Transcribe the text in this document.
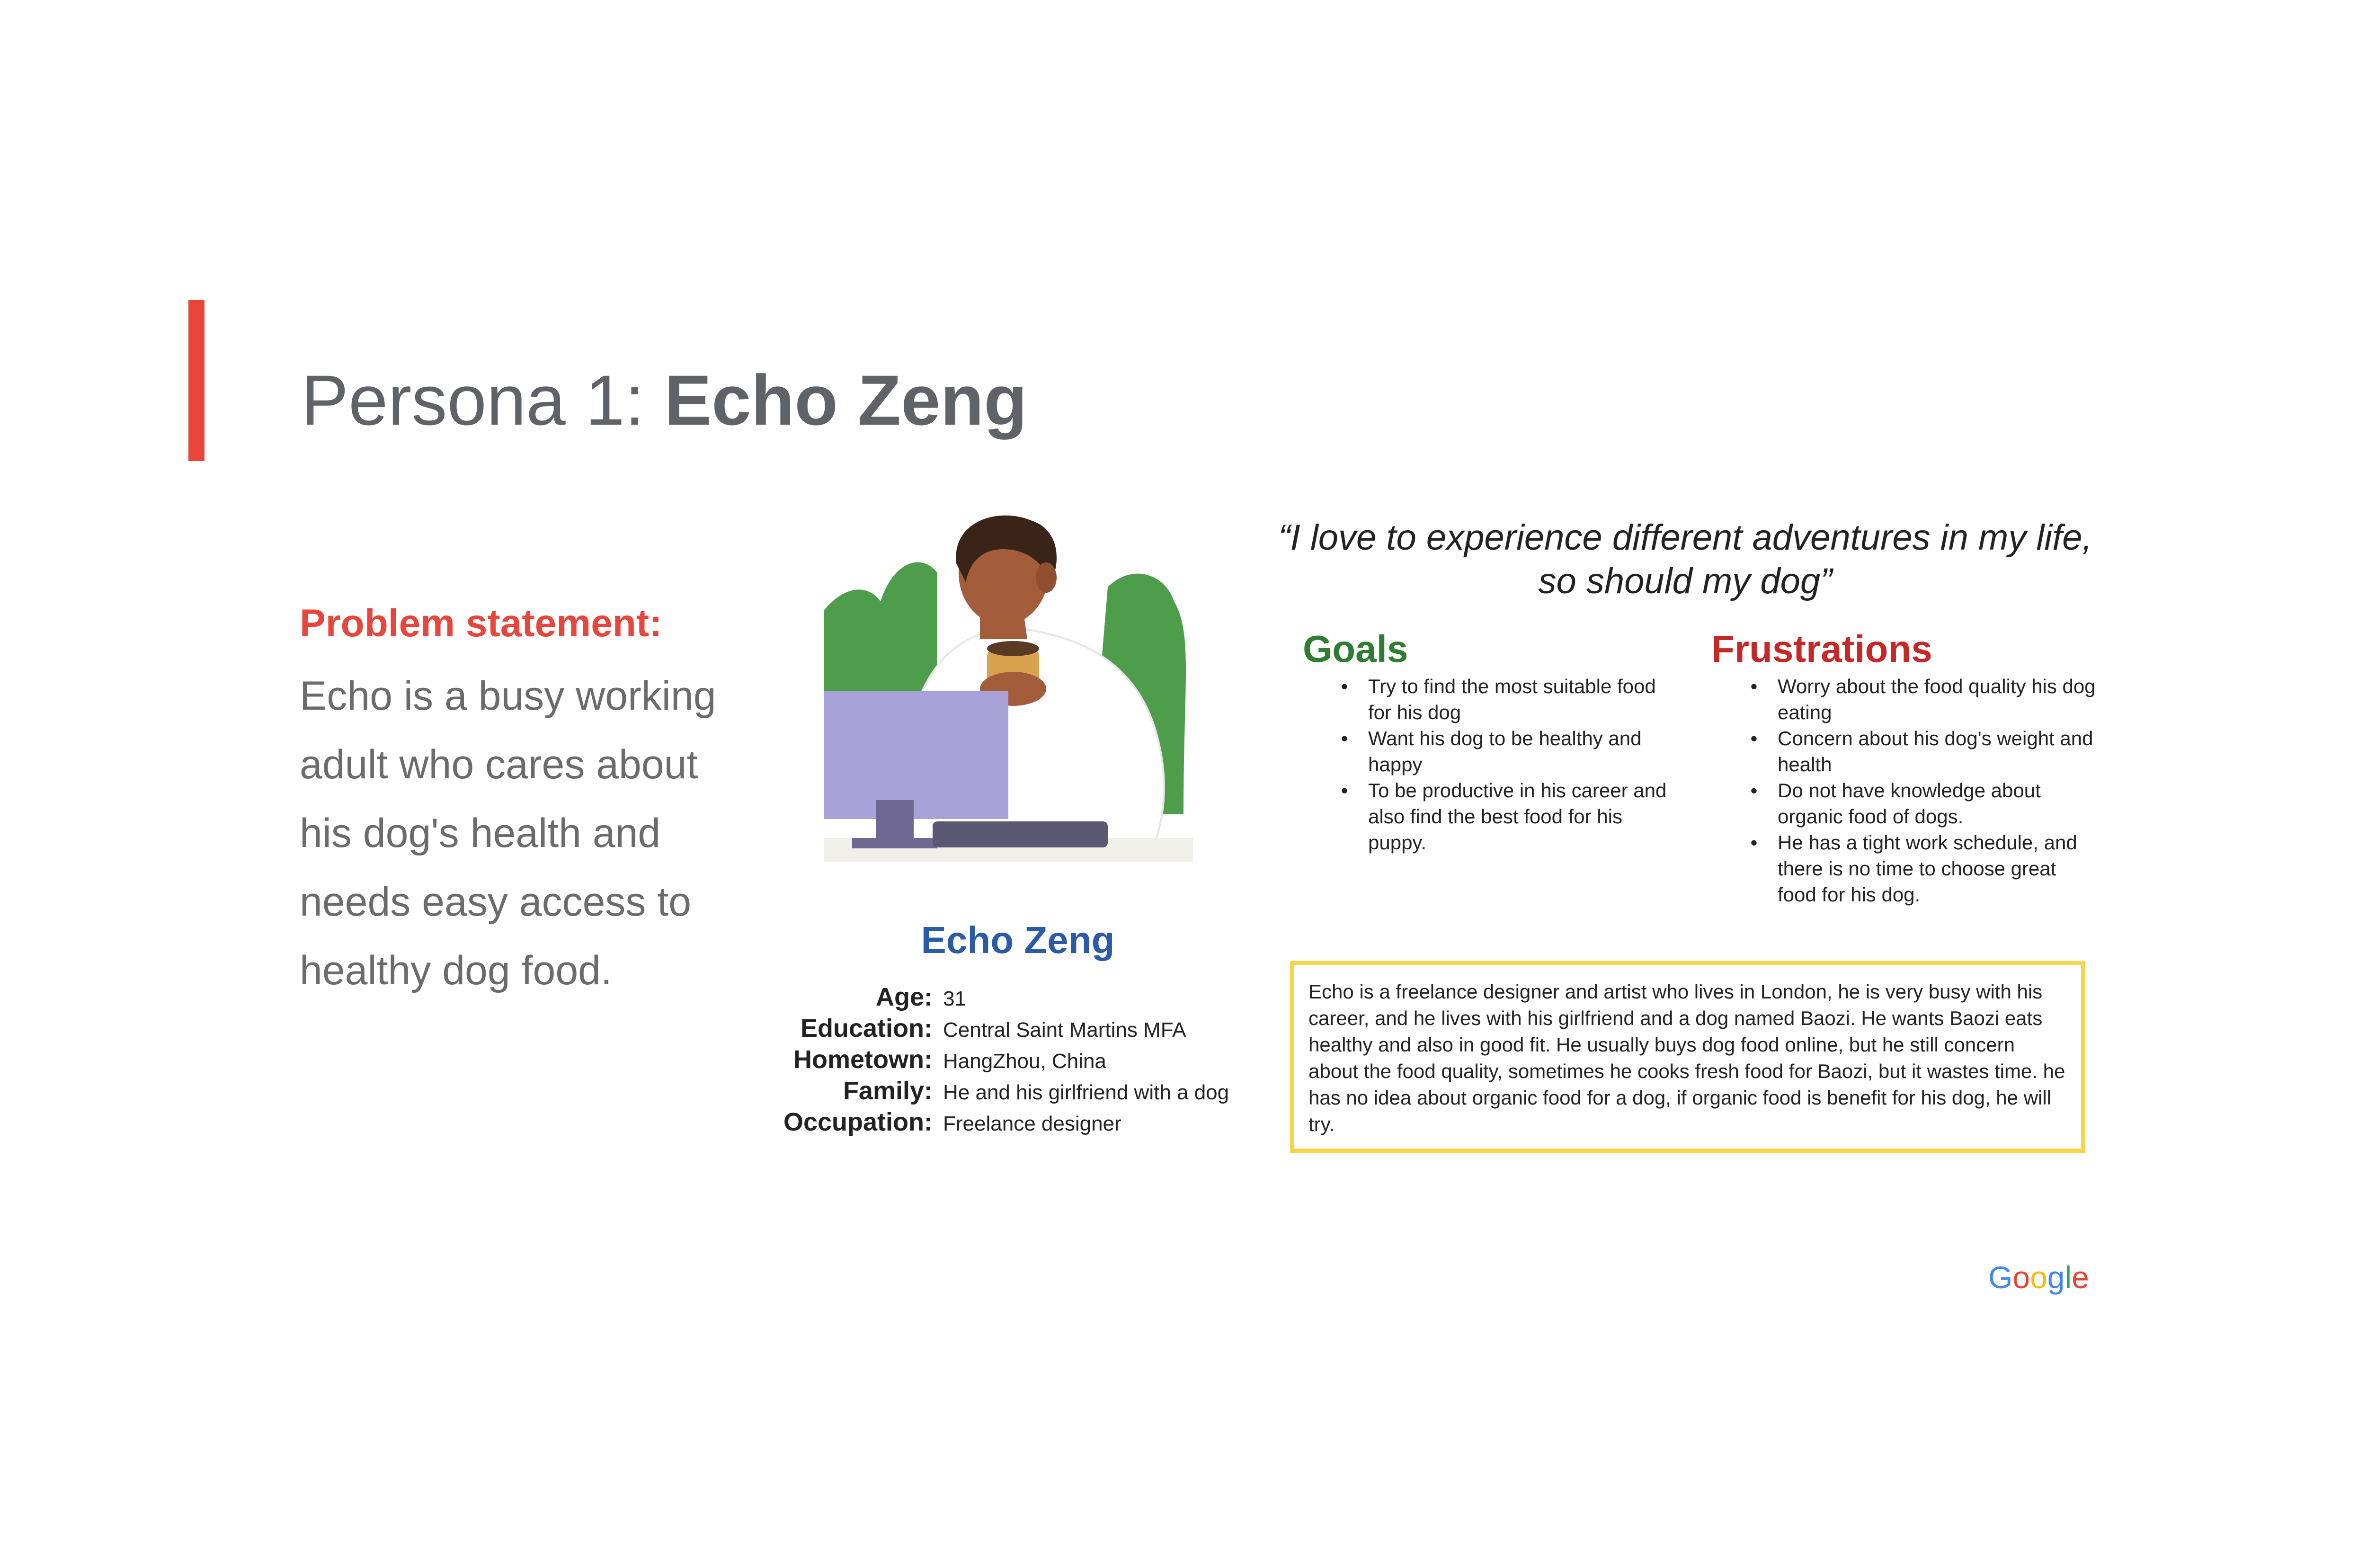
Persona 1: Echo Zeng
Problem statement:
Echo is a busy working
adult who cares about
his dog's health and
needs easy access to
healthy dog food.
Echo Zeng
Age: 31
Education: Central Saint Martins MFA
Hometown: HangZhou, China
Family: He and his girlfriend with a dog
Occupation: Freelance designer
“I love to experience different adventures in my life, so should my dog”
Goals
•	Try to find the most suitable food for his dog
•	Want his dog to be healthy and happy
•	To be productive in his career and also find the best food for his puppy.
Frustrations
•	Worry about the food quality his dog eating
•	Concern about his dog's weight and health
•	Do not have knowledge about organic food of dogs.
•	He has a tight work schedule, and there is no time to choose great food for his dog.
Echo is a freelance designer and artist who lives in London, he is very busy with his career, and he lives with his girlfriend and a dog named Baozi. He wants Baozi eats healthy and also in good fit. He usually buys dog food online, but he still concern about the food quality, sometimes he cooks fresh food for Baozi, but it wastes time. he has no idea about organic food for a dog, if organic food is benefit for his dog, he will try.
Google
